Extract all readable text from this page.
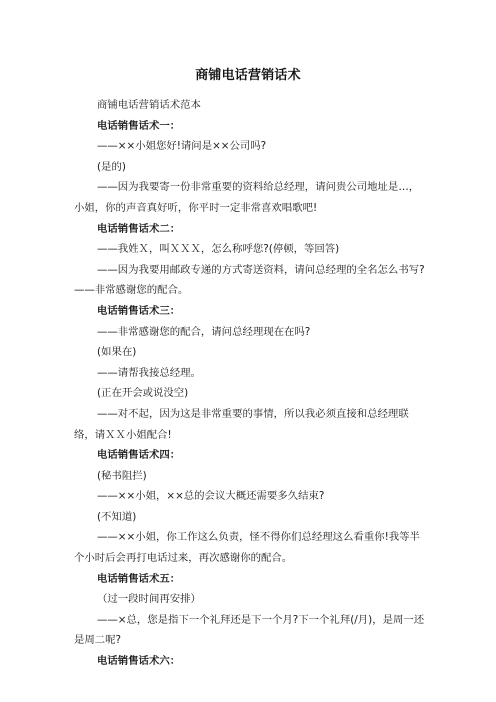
商铺电话营销话术

商铺电话营销话术范本

电话销售话术一：

——××小姐您好!请问是××公司吗?

(是的)

——因为我要寄一份非常重要的资料给总经理，请问贵公司地址是…，小姐，你的声音真好听，你平时一定非常喜欢唱歌吧!

电话销售话术二：

——我姓Ｘ，叫ＸＸＸ，怎么称呼您?(停顿，等回答)

——因为我要用邮政专递的方式寄送资料，请问总经理的全名怎么书写?——非常感谢您的配合。

电话销售话术三：

——非常感谢您的配合，请问总经理现在在吗?

(如果在)

——请帮我接总经理。

(正在开会或说没空)

——对不起，因为这是非常重要的事情，所以我必须直接和总经理联络，请ＸＸ小姐配合!

电话销售话术四：

(秘书阻拦)

——××小姐，××总的会议大概还需要多久结束?

(不知道)

——××小姐，你工作这么负责，怪不得你们总经理这么看重你!我等半个小时后会再打电话过来，再次感谢你的配合。

电话销售话术五：

（过一段时间再安排）

——×总，您是指下一个礼拜还是下一个月?下一个礼拜(/月)，是周一还是周二呢?

电话销售话术六：
